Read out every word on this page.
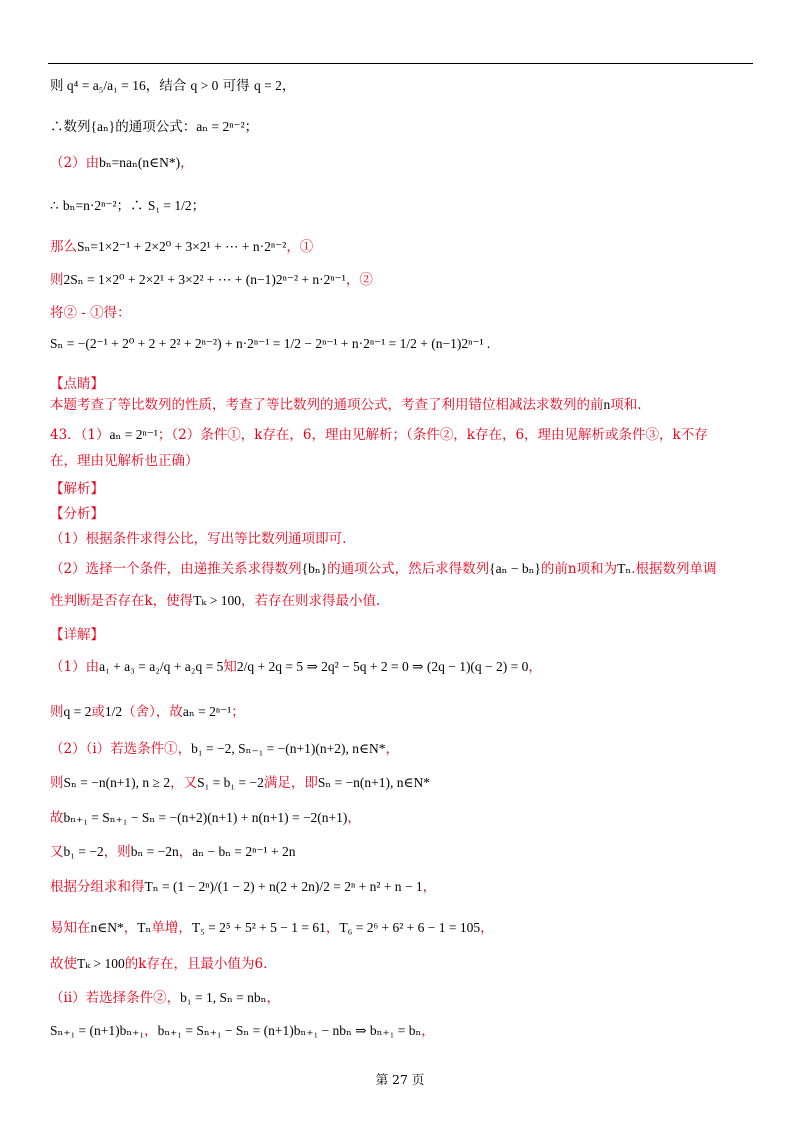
则 q⁴ = a₅/a₁ = 16，结合 q > 0 可得 q = 2，
∴数列{aₙ}的通项公式：aₙ = 2ⁿ⁻²；
（2）由bₙ=naₙ(n∈N*)，
∴ bₙ=n·2ⁿ⁻²；∴ S₁ = 1/2；
那么Sₙ=1×2⁻¹ + 2×2⁰ + 3×2¹ + ⋯ + n·2ⁿ⁻²，①
则2Sₙ = 1×2⁰ + 2×2¹ + 3×2² + ⋯ + (n−1)2ⁿ⁻² + n·2ⁿ⁻¹，②
将② - ①得：
Sₙ = −(2⁻¹ + 2⁰ + 2 + 2² + 2ⁿ⁻²) + n·2ⁿ⁻¹ = 1/2 − 2ⁿ⁻¹ + n·2ⁿ⁻¹ = 1/2 + (n−1)2ⁿ⁻¹ .
【点睛】
本题考查了等比数列的性质，考查了等比数列的通项公式，考查了利用错位相减法求数列的前n项和.
43．（1）aₙ = 2ⁿ⁻¹；（2）条件①，k存在，6，理由见解析；（条件②，k存在，6，理由见解析或条件③，k不存
在，理由见解析也正确）
【解析】
【分析】
（1）根据条件求得公比，写出等比数列通项即可.
（2）选择一个条件，由递推关系求得数列{bₙ}的通项公式，然后求得数列{aₙ − bₙ}的前n项和为Tₙ.根据数列单调
性判断是否存在k，使得Tₖ > 100，若存在则求得最小值.
【详解】
（1）由a₁ + a₃ = a₂/q + a₂q = 5知2/q + 2q = 5 ⇒ 2q² − 5q + 2 = 0 ⇒ (2q − 1)(q − 2) = 0，
则q = 2或1/2（舍），故aₙ = 2ⁿ⁻¹；
（2）（i）若选条件①，b₁ = −2, Sₙ₋₁ = −(n+1)(n+2), n∈N*，
则Sₙ = −n(n+1), n ≥ 2，又S₁ = b₁ = −2满足，即Sₙ = −n(n+1), n∈N*
故bₙ₊₁ = Sₙ₊₁ − Sₙ = −(n+2)(n+1) + n(n+1) = −2(n+1)，
又b₁ = −2，则bₙ = −2n，aₙ − bₙ = 2ⁿ⁻¹ + 2n
根据分组求和得Tₙ = (1 − 2ⁿ)/(1 − 2) + n(2 + 2n)/2 = 2ⁿ + n² + n − 1，
易知在n∈N*，Tₙ单增，T₅ = 2⁵ + 5² + 5 − 1 = 61，T₆ = 2⁶ + 6² + 6 − 1 = 105，
故使Tₖ > 100的k存在，且最小值为6.
（ii）若选择条件②，b₁ = 1, Sₙ = nbₙ，
Sₙ₊₁ = (n+1)bₙ₊₁，bₙ₊₁ = Sₙ₊₁ − Sₙ = (n+1)bₙ₊₁ − nbₙ ⇒ bₙ₊₁ = bₙ，
第 27 页
